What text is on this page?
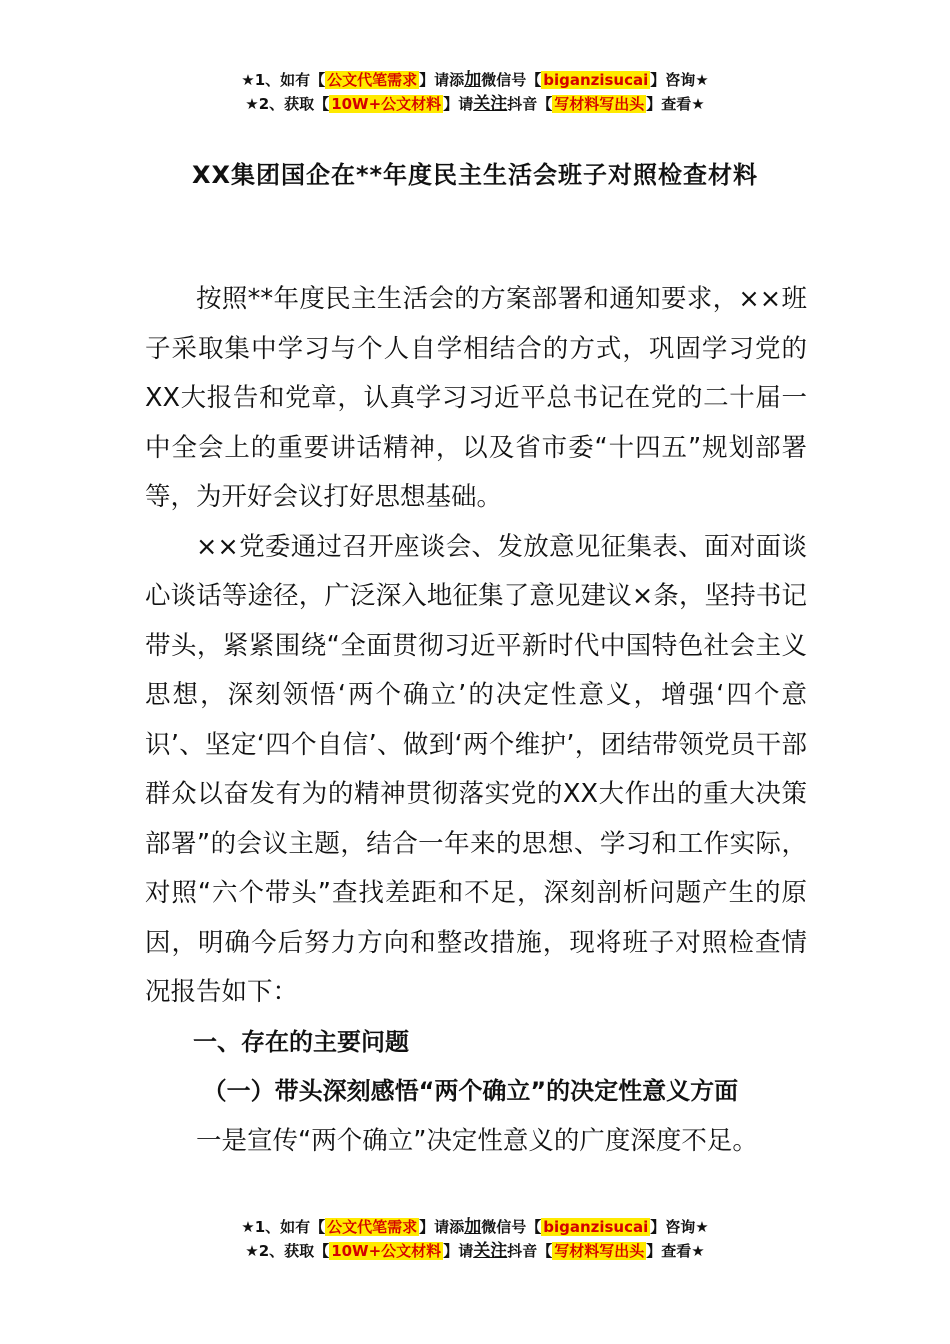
★1、如有【 公文代笔需求 】请添加微信号【 biganzisucai 】咨询★
★2、获取【 10W+公文材料 】请关注抖音【 写材料写出头 】查看★
XX集团国企在**年度民主生活会班子对照检查材料

按照**年度民主生活会的方案部署和通知要求，××班子采取集中学习与个人自学相结合的方式，巩固学习党的XX大报告和党章，认真学习习近平总书记在党的二十届一中全会上的重要讲话精神，以及省市委“十四五”规划部署等，为开好会议打好思想基础。

××党委通过召开座谈会、发放意见征集表、面对面谈心谈话等途径，广泛深入地征集了意见建议×条，坚持书记带头，紧紧围绕“全面贯彻习近平新时代中国特色社会主义思想，深刻领悟‘两个确立’的决定性意义，增强‘四个意识’、坚定‘四个自信’、做到‘两个维护’，团结带领党员干部群众以奋发有为的精神贯彻落实党的XX大作出的重大决策部署”的会议主题，结合一年来的思想、学习和工作实际，对照“六个带头”查找差距和不足，深刻剖析问题产生的原因，明确今后努力方向和整改措施，现将班子对照检查情况报告如下：

一、存在的主要问题

（一）带头深刻感悟“两个确立”的决定性意义方面

一是宣传“两个确立”决定性意义的广度深度不足。

★1、如有【 公文代笔需求 】请添加微信号【 biganzisucai 】咨询★
★2、获取【 10W+公文材料 】请关注抖音【 写材料写出头 】查看★
